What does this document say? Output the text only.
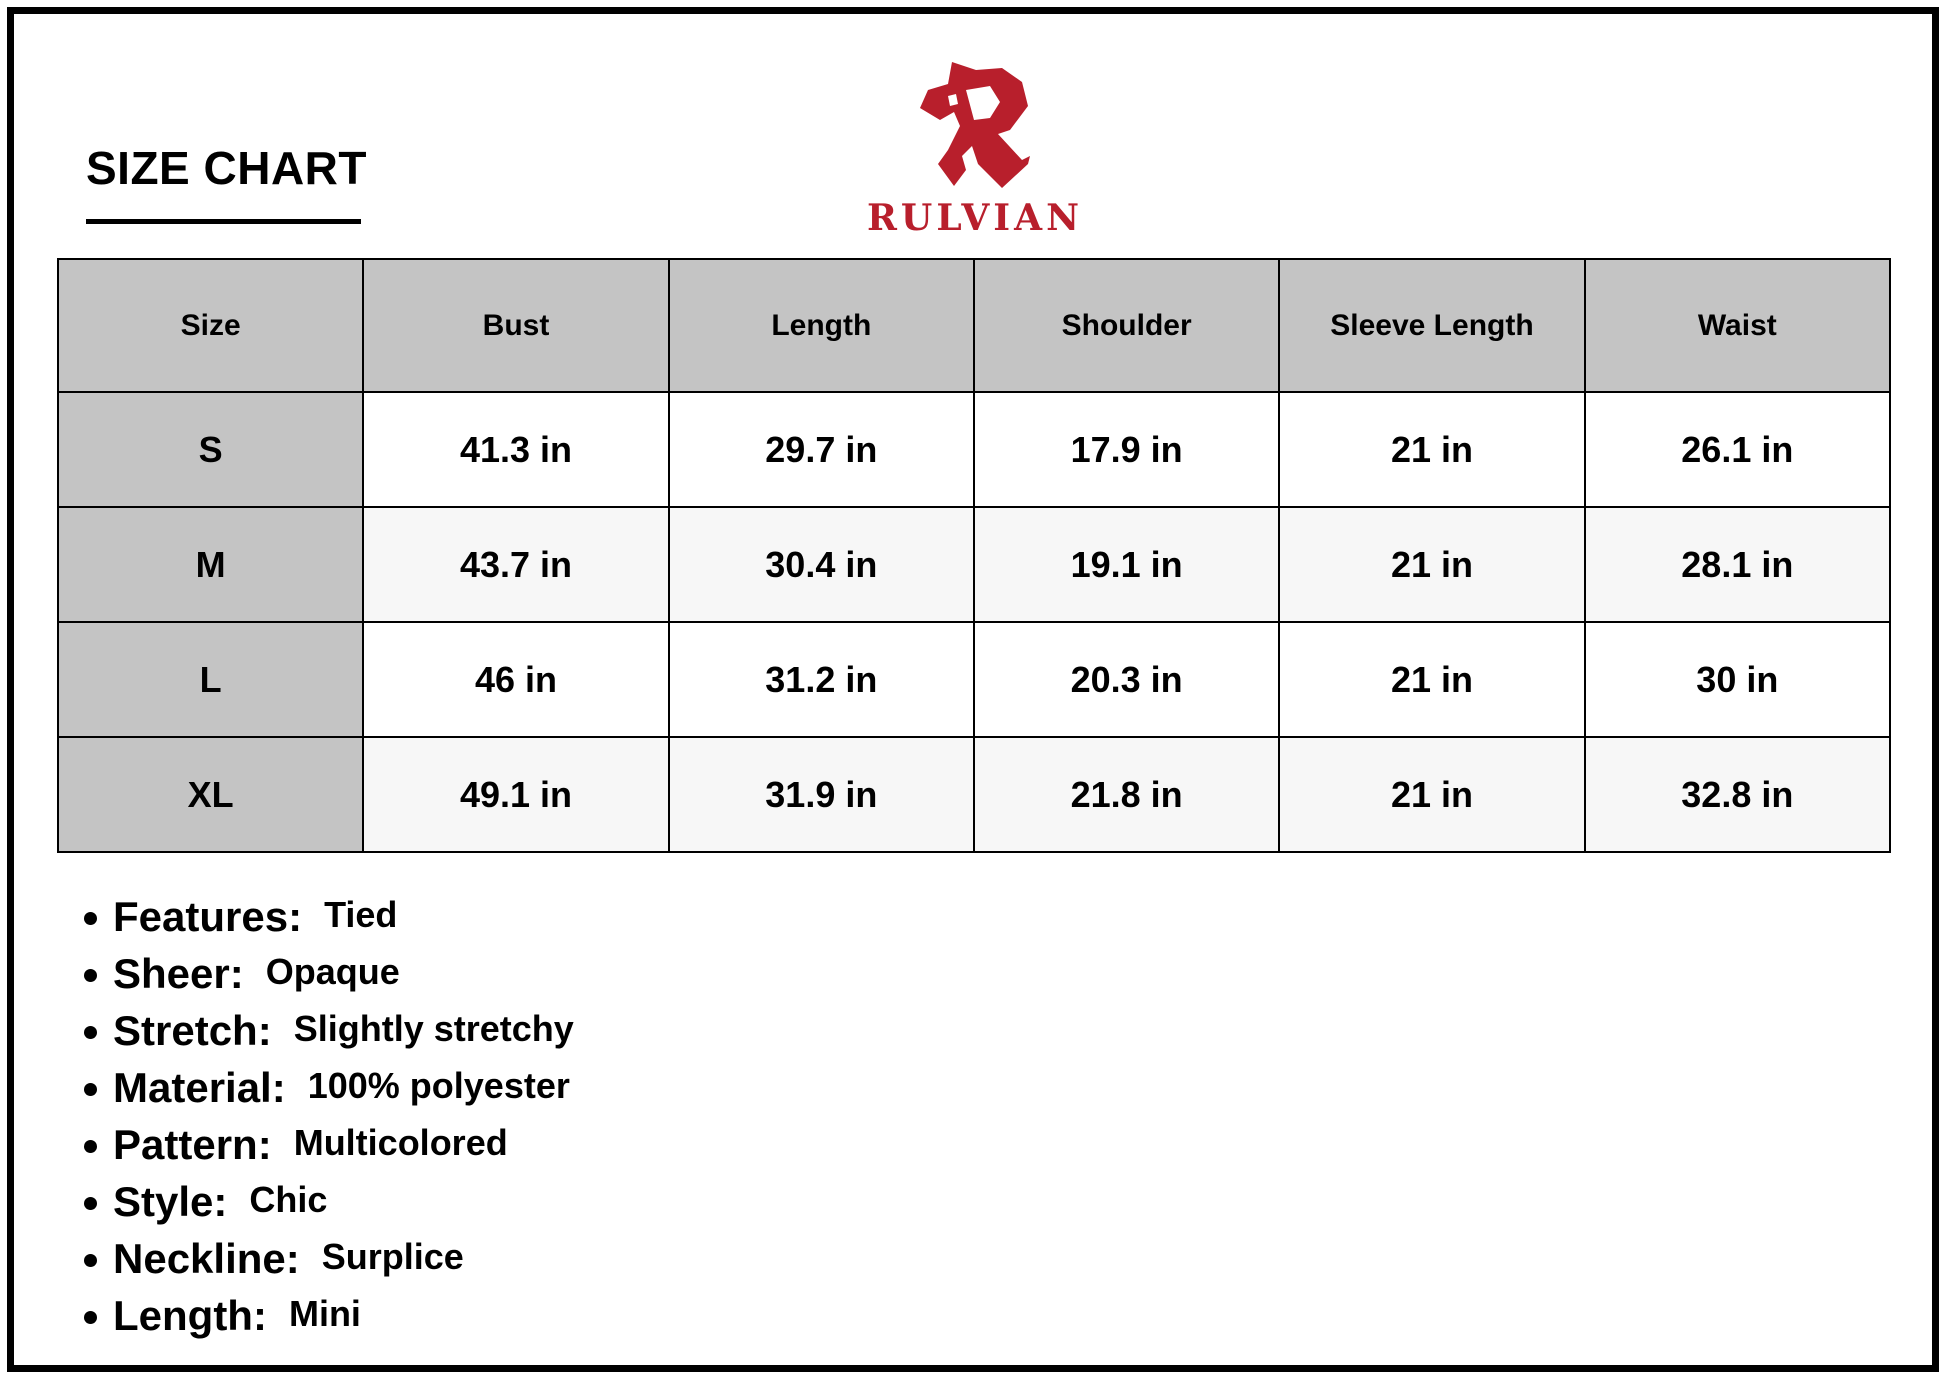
SIZE CHART
RULVIAN
Size	Bust	Length	Shoulder	Sleeve Length	Waist
S	41.3 in	29.7 in	17.9 in	21 in	26.1 in
M	43.7 in	30.4 in	19.1 in	21 in	28.1 in
L	46 in	31.2 in	20.3 in	21 in	30 in
XL	49.1 in	31.9 in	21.8 in	21 in	32.8 in
Features: Tied
Sheer: Opaque
Stretch: Slightly stretchy
Material: 100% polyester
Pattern: Multicolored
Style: Chic
Neckline: Surplice
Length: Mini
